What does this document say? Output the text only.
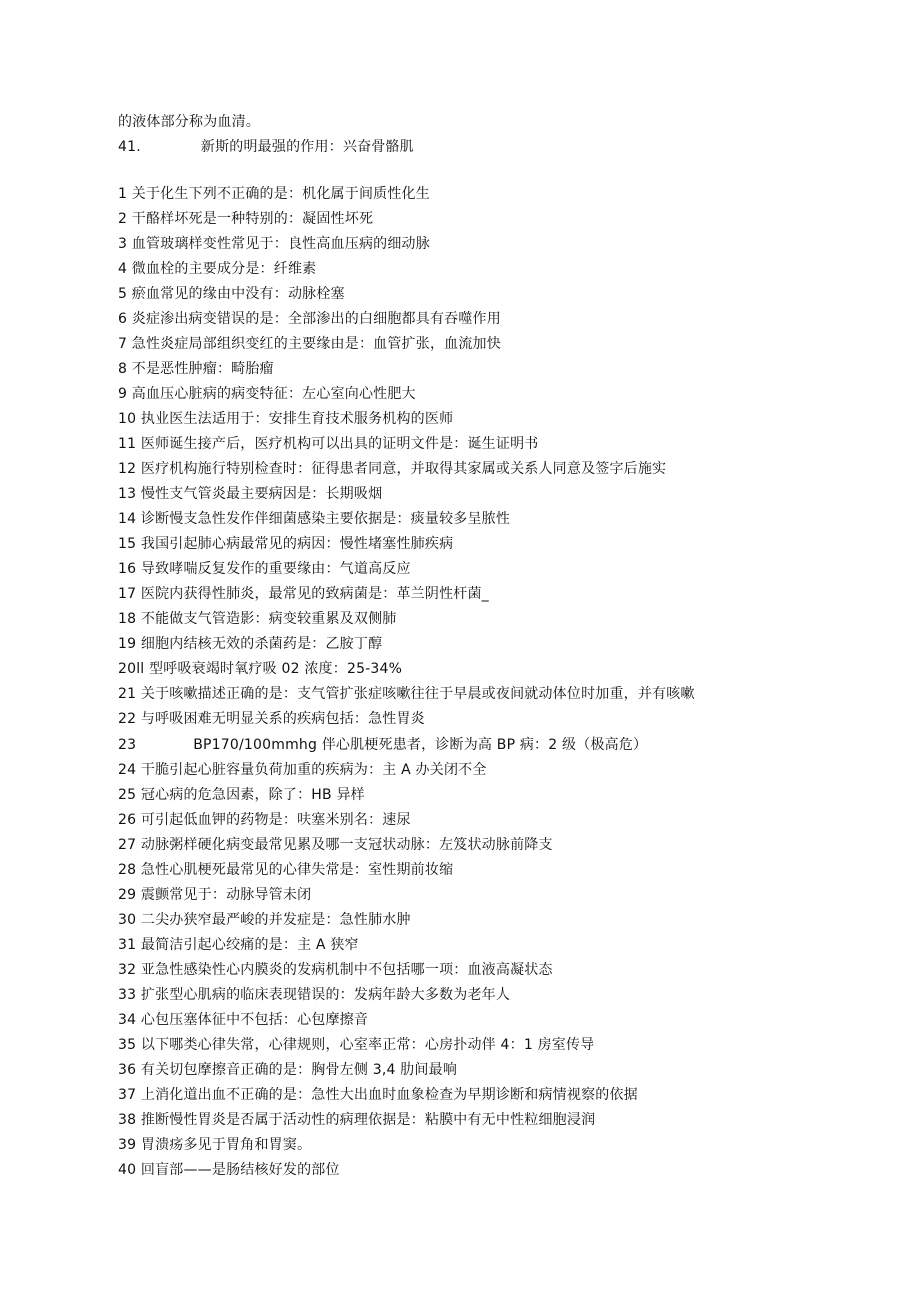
的液体部分称为血清。
41.	新斯的明最强的作用：兴奋骨骼肌
1 关于化生下列不正确的是：机化属于间质性化生
2 干酪样坏死是一种特别的：凝固性坏死
3 血管玻璃样变性常见于：良性高血压病的细动脉
4 微血栓的主要成分是：纤维素
5 瘀血常见的缘由中没有：动脉栓塞
6 炎症渗出病变错误的是：全部渗出的白细胞都具有吞噬作用
7 急性炎症局部组织变红的主要缘由是：血管扩张，血流加快
8 不是恶性肿瘤：畸胎瘤
9 高血压心脏病的病变特征：左心室向心性肥大
10 执业医生法适用于：安排生育技术服务机构的医师
11 医师诞生接产后，医疗机构可以出具的证明文件是：诞生证明书
12 医疗机构施行特别检查时：征得患者同意，并取得其家属或关系人同意及签字后施实
13 慢性支气管炎最主要病因是：长期吸烟
14 诊断慢支急性发作伴细菌感染主要依据是：痰量较多呈脓性
15 我国引起肺心病最常见的病因：慢性堵塞性肺疾病
16 导致哮喘反复发作的重要缘由：气道高反应
17 医院内获得性肺炎，最常见的致病菌是：革兰阴性杆菌_
18 不能做支气管造影：病变较重累及双侧肺
19 细胞内结核无效的杀菌药是：乙胺丁醇
20ll 型呼吸衰竭时氧疗吸 02 浓度：25-34%
21 关于咳嗽描述正确的是：支气管扩张症咳嗽往往于早晨或夜间就动体位时加重，并有咳嗽
22 与呼吸困难无明显关系的疾病包括：急性胃炎
23	BP170/100mmhg 伴心肌梗死患者，诊断为高 BP 病：2 级（极高危）
24 干脆引起心脏容量负荷加重的疾病为：主 A 办关闭不全
25 冠心病的危急因素，除了：HB 异样
26 可引起低血钾的药物是：呋塞米别名：速尿
27 动脉粥样硬化病变最常见累及哪一支冠状动脉：左笈状动脉前降支
28 急性心肌梗死最常见的心律失常是：室性期前妆缩
29 震颤常见于：动脉导管未闭
30 二尖办狭窄最严峻的并发症是：急性肺水肿
31 最简洁引起心绞痛的是：主 A 狭窄
32 亚急性感染性心内膜炎的发病机制中不包括哪一项：血液高凝状态
33 扩张型心肌病的临床表现错误的：发病年龄大多数为老年人
34 心包压塞体征中不包括：心包摩擦音
35 以下哪类心律失常，心律规则，心室率正常：心房扑动伴 4：1 房室传导
36 有关切包摩擦音正确的是：胸骨左侧 3,4 肋间最响
37 上消化道出血不正确的是：急性大出血时血象检查为早期诊断和病情视察的依据
38 推断慢性胃炎是否属于活动性的病理依据是：粘膜中有无中性粒细胞浸润
39 胃溃疡多见于胃角和胃窦。
40 回盲部——是肠结核好发的部位
